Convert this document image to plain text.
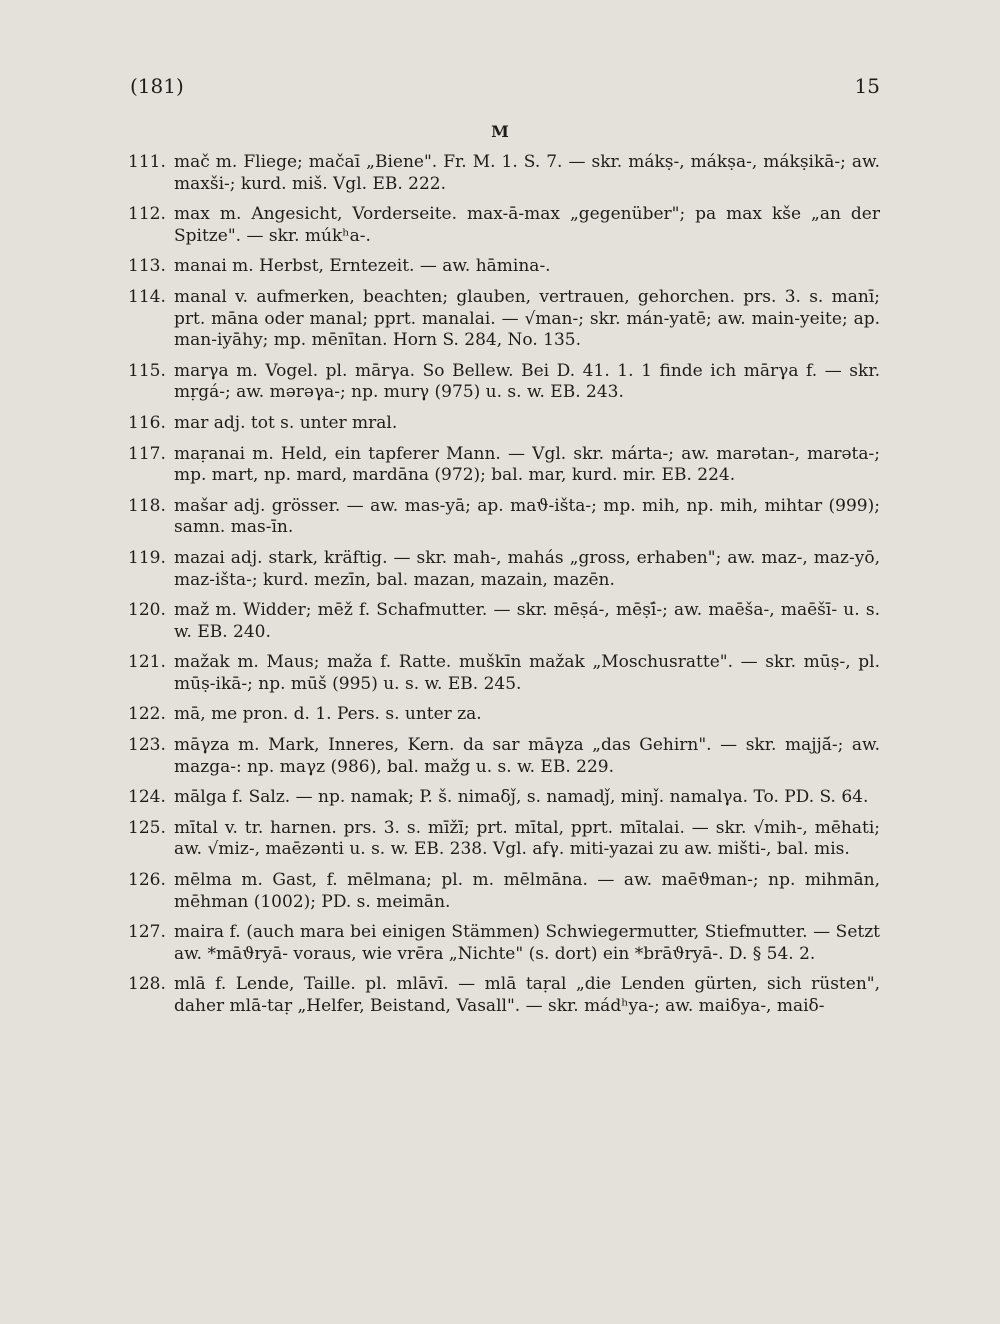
(181)	15
M
111. mač m. Fliege; mačaī „Biene". Fr. M. 1. S. 7. — skr. mákṣ-, mákṣa-, mákṣikā-; aw. maxši-; kurd. miš. Vgl. EB. 222.
112. max m. Angesicht, Vorderseite. max-ā-max „gegenüber"; pa max kše „an der Spitze". — skr. múkʰa-.
113. manai m. Herbst, Erntezeit. — aw. hāmina-.
114. manal v. aufmerken, beachten; glauben, vertrauen, gehorchen. prs. 3. s. manī; prt. māna oder manal; pprt. manalai. — √man-; skr. mán-yatē; aw. main-yeite; ap. man-iyāhy; mp. mēnītan. Horn S. 284, No. 135.
115. marγa m. Vogel. pl. mārγa. So Bellew. Bei D. 41. 1. 1 finde ich mārγa f. — skr. mṛgá-; aw. mərəγa-; np. murγ (975) u. s. w. EB. 243.
116. mar adj. tot s. unter mral.
117. maṛanai m. Held, ein tapferer Mann. — Vgl. skr. márta-; aw. marətan-, marəta-; mp. mart, np. mard, mardāna (972); bal. mar, kurd. mir. EB. 224.
118. mašar adj. grösser. — aw. mas-yā; ap. maϑ-išta-; mp. mih, np. mih, mihtar (999); samn. mas-īn.
119. mazai adj. stark, kräftig. — skr. mah-, mahás „gross, erhaben"; aw. maz-, maz-yō, maz-išta-; kurd. mezīn, bal. mazan, mazain, mazēn.
120. maž m. Widder; mēž f. Schafmutter. — skr. mēṣá-, mēṣī́-; aw. maēša-, maēšī- u. s. w. EB. 240.
121. mažak m. Maus; maža f. Ratte. muškīn mažak „Moschusratte". — skr. mūṣ-, pl. mūṣ-ikā-; np. mūš (995) u. s. w. EB. 245.
122. mā, me pron. d. 1. Pers. s. unter za.
123. māγza m. Mark, Inneres, Kern. da sar māγza „das Gehirn". — skr. majjā́-; aw. mazga-: np. maγz (986), bal. mažg u. s. w. EB. 229.
124. mālga f. Salz. — np. namak; P. š. nimaδǰ, s. namadǰ, minǰ. namalγa. To. PD. S. 64.
125. mītal v. tr. harnen. prs. 3. s. mīžī; prt. mītal, pprt. mītalai. — skr. √mih-, mēhati; aw. √miz-, maēzənti u. s. w. EB. 238. Vgl. afγ. miti-yazai zu aw. mišti-, bal. mis.
126. mēlma m. Gast, f. mēlmana; pl. m. mēlmāna. — aw. maēϑman-; np. mihmān, mēhman (1002); PD. s. meimān.
127. maira f. (auch mara bei einigen Stämmen) Schwiegermutter, Stiefmutter. — Setzt aw. *māϑryā- voraus, wie vrēra „Nichte" (s. dort) ein *brāϑryā-. D. § 54. 2.
128. mlā f. Lende, Taille. pl. mlāvī. — mlā taṛal „die Lenden gürten, sich rüsten", daher mlā-taṛ „Helfer, Beistand, Vasall". — skr. mádʰya-; aw. maiδya-, maiδ-
